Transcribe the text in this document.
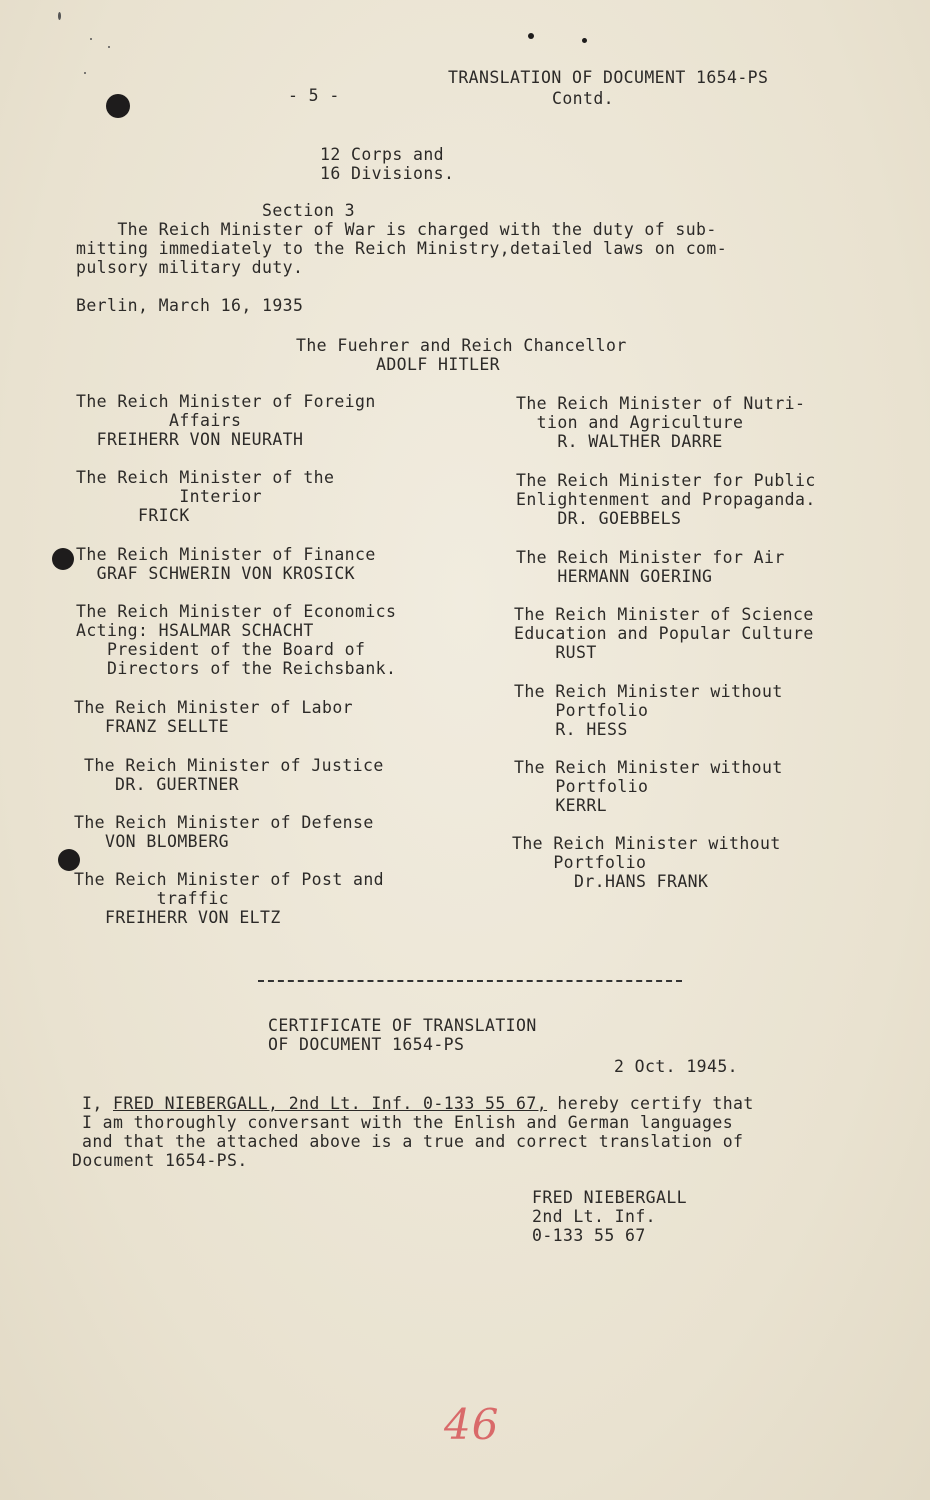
TRANSLATION OF DOCUMENT 1654-PS
Contd.
- 5 -
12 Corps and
16 Divisions.
Section 3
The Reich Minister of War is charged with the duty of sub-
mitting immediately to the Reich Ministry,detailed laws on com-
pulsory military duty.
Berlin, March 16, 1935
The Fuehrer and Reich Chancellor
ADOLF HITLER
The Reich Minister of Foreign
Affairs
FREIHERR VON NEURATH
The Reich Minister of the
Interior
FRICK
The Reich Minister of Finance
GRAF SCHWERIN VON KROSICK
The Reich Minister of Economics
Acting: HSALMAR SCHACHT
President of the Board of
Directors of the Reichsbank.
The Reich Minister of Labor
FRANZ SELLTE
The Reich Minister of Justice
DR. GUERTNER
The Reich Minister of Defense
VON BLOMBERG
The Reich Minister of Post and
traffic
FREIHERR VON ELTZ
The Reich Minister of Nutri-
tion and Agriculture
R. WALTHER DARRE
The Reich Minister for Public
Enlightenment and Propaganda.
DR. GOEBBELS
The Reich Minister for Air
HERMANN GOERING
The Reich Minister of Science
Education and Popular Culture
RUST
The Reich Minister without
Portfolio
R. HESS
The Reich Minister without
Portfolio
KERRL
The Reich Minister without
Portfolio
Dr.HANS FRANK
CERTIFICATE OF TRANSLATION
OF DOCUMENT 1654-PS
2 Oct. 1945.
I, FRED NIEBERGALL, 2nd Lt. Inf. 0-133 55 67, hereby certify that
I am thoroughly conversant with the Enlish and German languages
and that the attached above is a true and correct translation of
Document 1654-PS.
FRED NIEBERGALL
2nd Lt. Inf.
0-133 55 67
46
